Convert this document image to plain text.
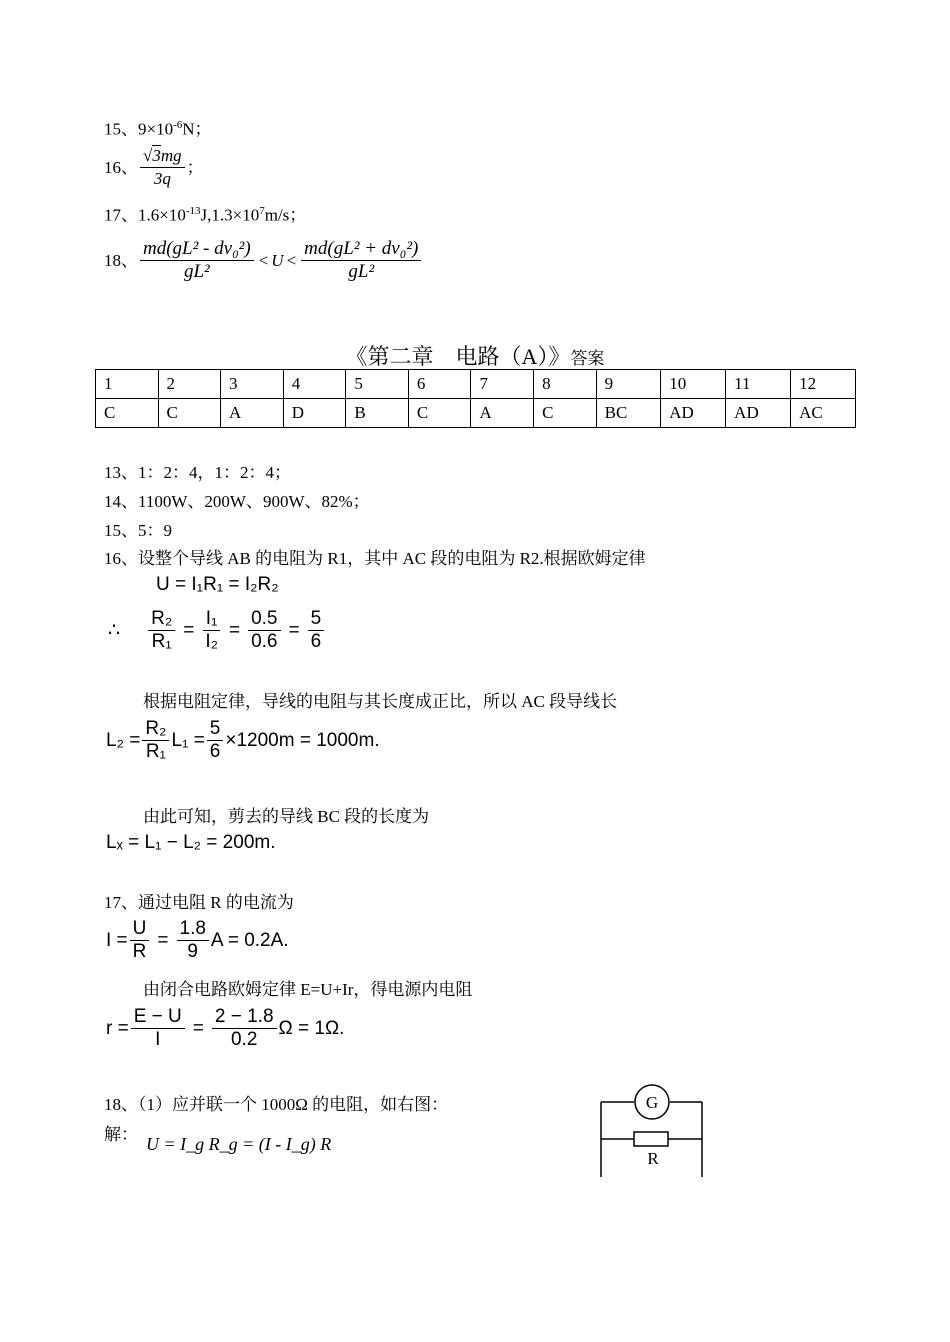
15、$9\times 10^{-6}N$；
16、 $\frac{√3mg}{3q}$ ；
17、$1.6\times 10^{-13}J,1.3\times 10^7m/s$；
18、 $\frac{\text{md(gL² - dv₀²)}}{\text{gL²}} < U < \frac{\text{md(gL² + dv₀²)}}{\text{gL²}}$
《第二章　电路（A）》答案
1	2	3	4	5	6	7	8	9	10	11	12
C	C	A	D	B	C	A	C	BC	AD	AD	AC
13、1：2：4，1：2：4；
14、1100W、200W、900W、82%；
15、5：9
16、设整个导线 AB 的电阻为 R1，其中 AC 段的电阻为 R2.根据欧姆定律
U = I₁R₁ = I₂R₂
∴ $\frac{\text{R₂}}{\text{R₁}} = \frac{\text{I₁}}{\text{I₂}} = \frac{0.5}{0.6} = \frac{5}{6}$
根据电阻定律，导线的电阻与其长度成正比，所以 AC 段导线长
$L_2 = \frac{\text{R₂}}{\text{R₁}} L_1 = \frac{5}{6} \times 1200m = 1000m$.
由此可知，剪去的导线 BC 段的长度为
Lₓ = L₁ − L₂ = 200m.
17、通过电阻 R 的电流为
$I = \frac{U}{R} = \frac{1.8}{9}$ A = 0.2A.
由闭合电路欧姆定律 E=U+Ir，得电源内电阻
$r = \frac{E - U}{I} = \frac{2 - 1.8}{0.2}$ Ω = 1Ω.
18、（1）应并联一个 1000Ω 的电阻，如右图：
解： U = I_g R_g = (I - I_g) R
G
R
